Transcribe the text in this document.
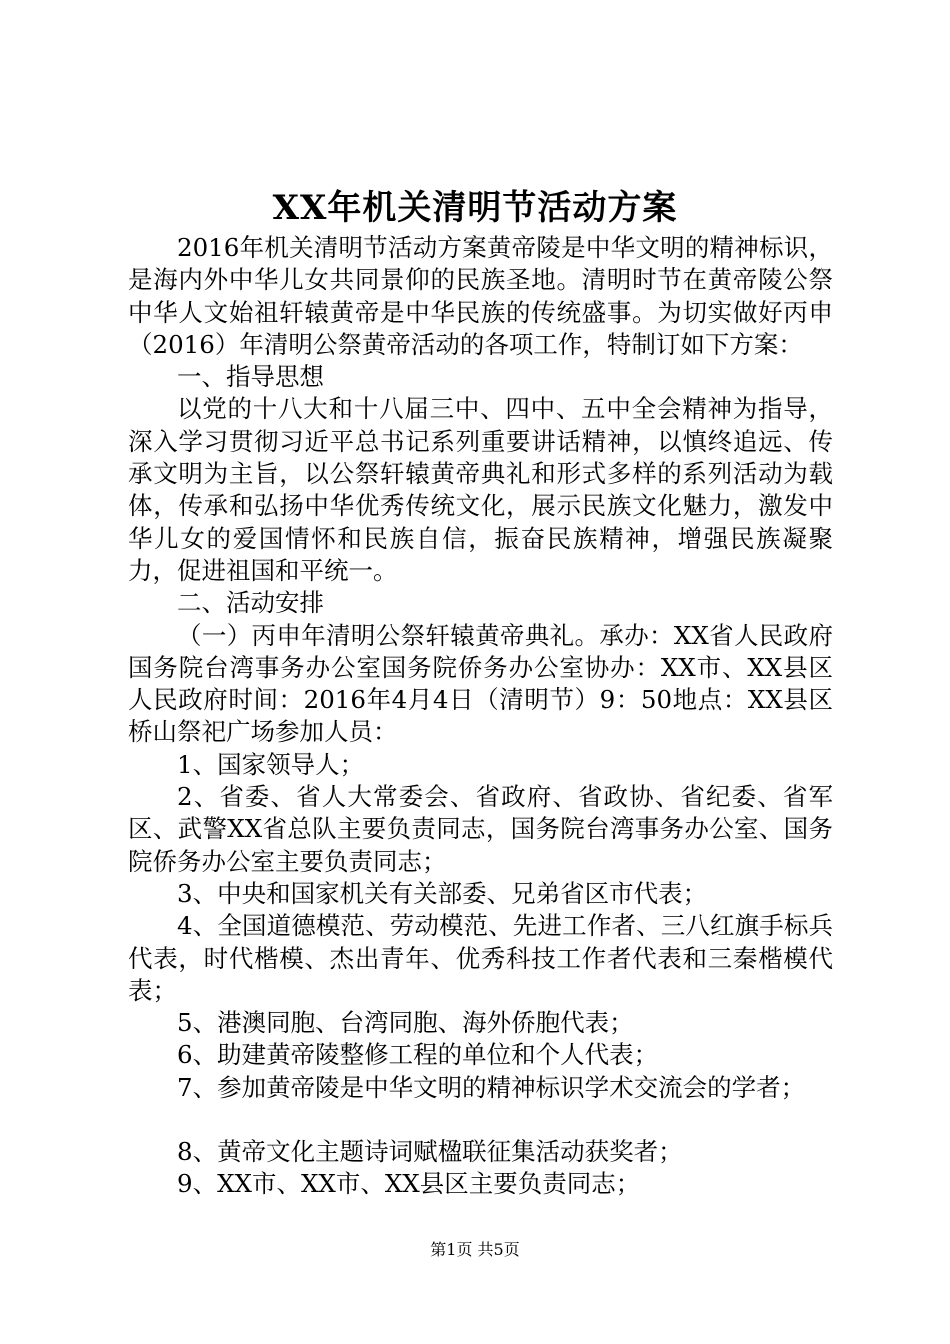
XX年机关清明节活动方案

2016年机关清明节活动方案黄帝陵是中华文明的精神标识，是海内外中华儿女共同景仰的民族圣地。清明时节在黄帝陵公祭中华人文始祖轩辕黄帝是中华民族的传统盛事。为切实做好丙申（2016）年清明公祭黄帝活动的各项工作，特制订如下方案：

一、指导思想

以党的十八大和十八届三中、四中、五中全会精神为指导，深入学习贯彻习近平总书记系列重要讲话精神，以慎终追远、传承文明为主旨，以公祭轩辕黄帝典礼和形式多样的系列活动为载体，传承和弘扬中华优秀传统文化，展示民族文化魅力，激发中华儿女的爱国情怀和民族自信，振奋民族精神，增强民族凝聚力，促进祖国和平统一。

二、活动安排

（一）丙申年清明公祭轩辕黄帝典礼。承办：XX省人民政府国务院台湾事务办公室国务院侨务办公室协办：XX市、XX县区人民政府时间：2016年4月4日（清明节）9：50地点：XX县区桥山祭祀广场参加人员：

1、国家领导人；

2、省委、省人大常委会、省政府、省政协、省纪委、省军区、武警XX省总队主要负责同志，国务院台湾事务办公室、国务院侨务办公室主要负责同志；

3、中央和国家机关有关部委、兄弟省区市代表；

4、全国道德模范、劳动模范、先进工作者、三八红旗手标兵代表，时代楷模、杰出青年、优秀科技工作者代表和三秦楷模代表；

5、港澳同胞、台湾同胞、海外侨胞代表；

6、助建黄帝陵整修工程的单位和个人代表；

7、参加黄帝陵是中华文明的精神标识学术交流会的学者；

8、黄帝文化主题诗词赋楹联征集活动获奖者；

9、XX市、XX市、XX县区主要负责同志；

第1页 共5页
